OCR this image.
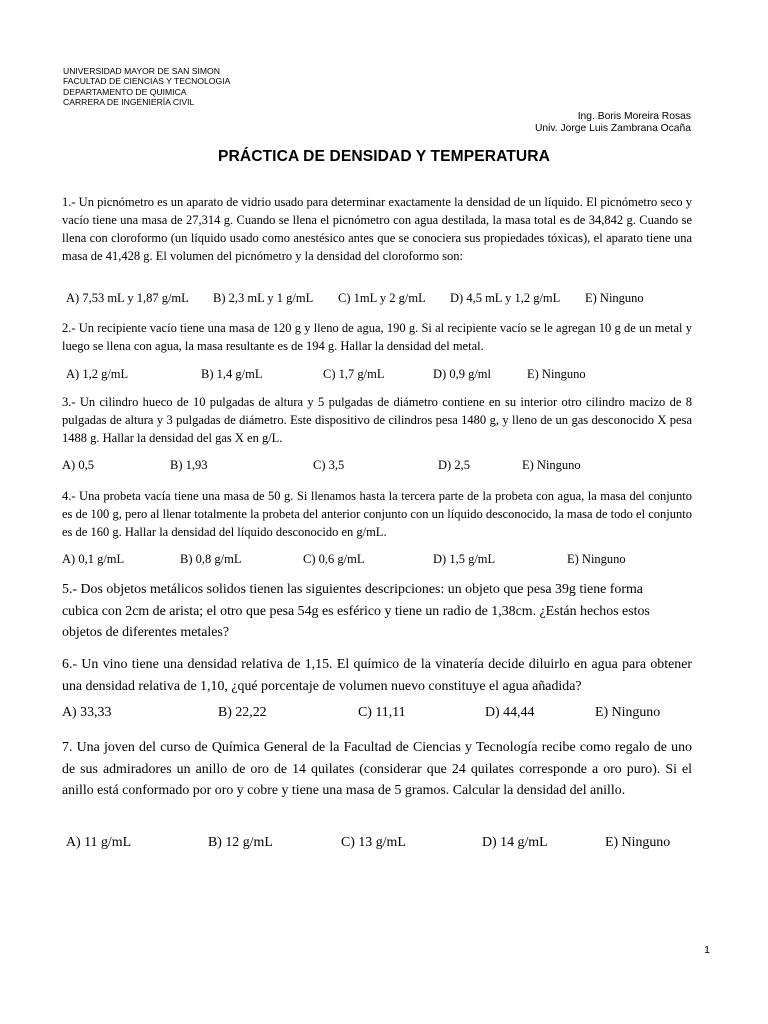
UNIVERSIDAD MAYOR DE SAN SIMON
FACULTAD DE CIENCIAS Y TECNOLOGIA
DEPARTAMENTO DE QUIMICA
CARRERA DE INGENIERÍA CIVIL
Ing. Boris Moreira Rosas
Univ. Jorge Luis Zambrana Ocaña
PRÁCTICA DE DENSIDAD Y TEMPERATURA
1.- Un picnómetro es un aparato de vidrio usado para determinar exactamente la densidad de un líquido. El picnómetro seco y vacío tiene una masa de 27,314 g. Cuando se llena el picnómetro con agua destilada, la masa total es de 34,842 g. Cuando se llena con cloroformo (un líquido usado como anestésico antes que se conociera sus propiedades tóxicas), el aparato tiene una masa de 41,428 g. El volumen del picnómetro y la densidad del cloroformo son:
A) 7,53 mL y 1,87 g/mL B) 2,3 mL y 1 g/mL C) 1mL y 2 g/mL D) 4,5 mL y 1,2 g/mL E) Ninguno
2.- Un recipiente vacío tiene una masa de 120 g y lleno de agua, 190 g. Si al recipiente vacío se le agregan 10 g de un metal y luego se llena con agua, la masa resultante es de 194 g. Hallar la densidad del metal.
A) 1,2 g/mL	B) 1,4 g/mL	C) 1,7 g/mL	D) 0,9 g/ml	E) Ninguno
3.- Un cilindro hueco de 10 pulgadas de altura y 5 pulgadas de diámetro contiene en su interior otro cilindro macizo de 8 pulgadas de altura y 3 pulgadas de diámetro. Este dispositivo de cilindros pesa 1480 g, y lleno de un gas desconocido X pesa 1488 g. Hallar la densidad del gas X en g/L.
A) 0,5	B) 1,93	C) 3,5	D) 2,5	E) Ninguno
4.- Una probeta vacía tiene una masa de 50 g. Si llenamos hasta la tercera parte de la probeta con agua, la masa del conjunto es de 100 g, pero al llenar totalmente la probeta del anterior conjunto con un líquido desconocido, la masa de todo el conjunto es de 160 g. Hallar la densidad del líquido desconocido en g/mL.
A) 0,1 g/mL	B) 0,8 g/mL	C) 0,6 g/mL	D) 1,5 g/mL	E) Ninguno
5.- Dos objetos metálicos solidos tienen las siguientes descripciones: un objeto que pesa 39g tiene forma cubica con 2cm de arista; el otro que pesa 54g es esférico y tiene un radio de 1,38cm. ¿Están hechos estos objetos de diferentes metales?
6.- Un vino tiene una densidad relativa de 1,15. El químico de la vinatería decide diluirlo en agua para obtener una densidad relativa de 1,10, ¿qué porcentaje de volumen nuevo constituye el agua añadida?
A) 33,33	B) 22,22	C) 11,11	D) 44,44	E) Ninguno
7. Una joven del curso de Química General de la Facultad de Ciencias y Tecnología recibe como regalo de uno de sus admiradores un anillo de oro de 14 quilates (considerar que 24 quilates corresponde a oro puro). Si el anillo está conformado por oro y cobre y tiene una masa de 5 gramos. Calcular la densidad del anillo.
A) 11 g/mL	B) 12 g/mL	C) 13 g/mL	D) 14 g/mL	E) Ninguno
1
